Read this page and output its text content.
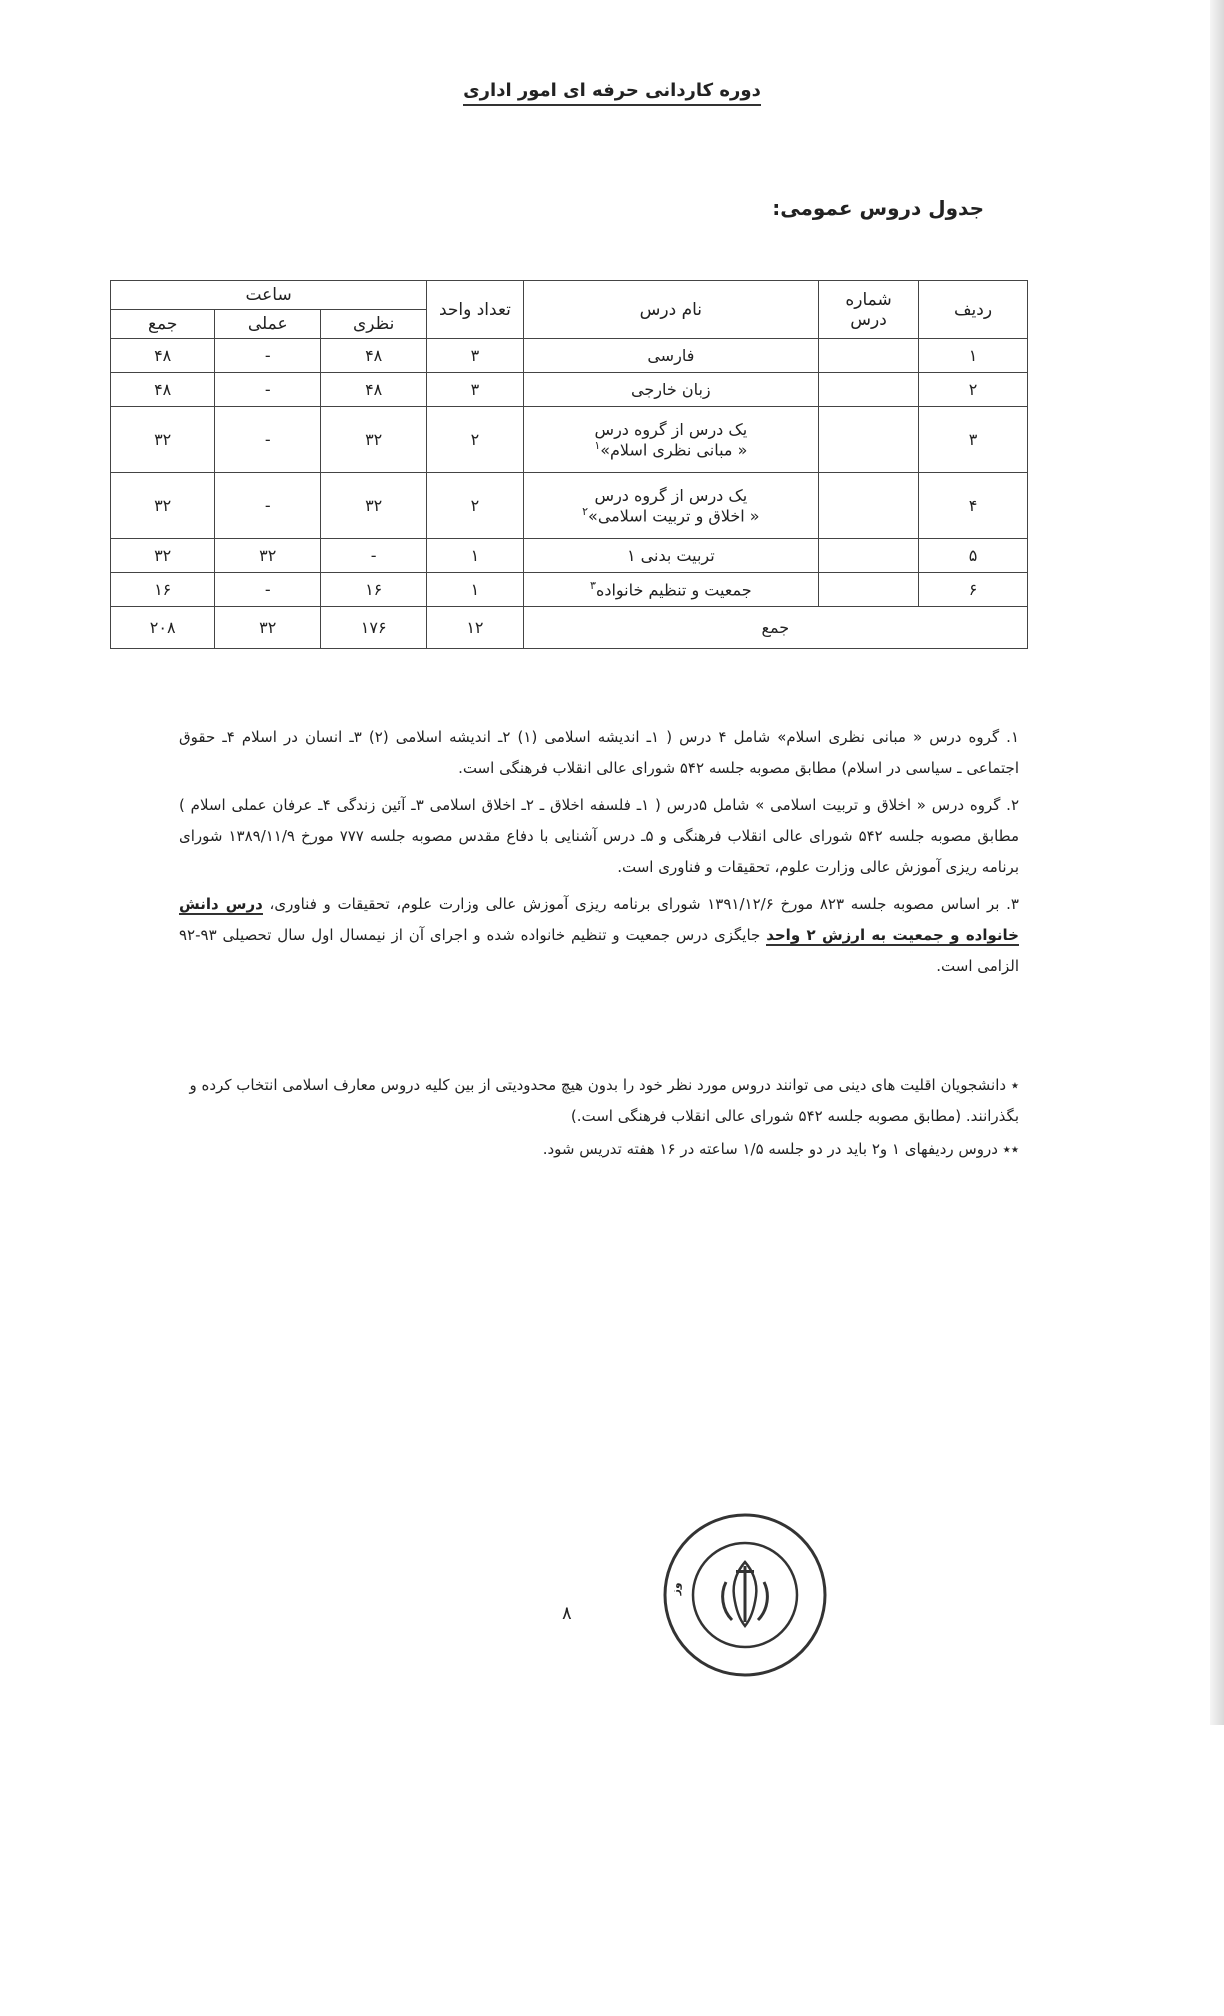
دوره کاردانی حرفه ای امور اداری
جدول دروس عمومی:
ردیف	شماره درس	نام درس	تعداد واحد	ساعت		
				نظری	عملی	جمع
۱		فارسی	۳	۴۸	-	۴۸
۲		زبان خارجی	۳	۴۸	-	۴۸
۳		یک درس از گروه درس
« مبانی نظری اسلام»$^۱$	۲	۳۲	-	۳۲
۴		یک درس از گروه درس
« اخلاق و تربیت اسلامی»$^۲$	۲	۳۲	-	۳۲
۵		تربیت بدنی ۱	۱	-	۳۲	۳۲
۶		جمعیت و تنظیم خانواده$^۳$	۱	۱۶	-	۱۶
جمع			۱۲	۱۷۶	۳۲	۲۰۸

۱. گروه درس « مبانی نظری اسلام» شامل ۴ درس ( ۱ـ اندیشه اسلامی (۱) ۲ـ اندیشه اسلامی (۲) ۳ـ انسان در اسلام ۴ـ حقوق اجتماعی ـ سیاسی در اسلام) مطابق مصوبه جلسه ۵۴۲ شورای عالی انقلاب فرهنگی است.

۲. گروه درس « اخلاق و تربیت اسلامی » شامل ۵درس ( ۱ـ فلسفه اخلاق ـ ۲ـ اخلاق اسلامی ۳ـ آئین زندگی ۴ـ عرفان عملی اسلام ) مطابق مصوبه جلسه ۵۴۲ شورای عالی انقلاب فرهنگی و ۵ـ درس آشنایی با دفاع مقدس مصوبه جلسه ۷۷۷ مورخ ۱۳۸۹/۱۱/۹ شورای برنامه ریزی آموزش عالی وزارت علوم، تحقیقات و فناوری است.

۳. بر اساس مصوبه جلسه ۸۲۳ مورخ ۱۳۹۱/۱۲/۶ شورای برنامه ریزی آموزش عالی وزارت علوم، تحقیقات و فناوری، درس دانش خانواده و جمعیت به ارزش ۲ واحد جایگزی درس جمعیت و تنظیم خانواده شده و اجرای آن از نیمسال اول سال تحصیلی ۹۳-۹۲ الزامی است.

٭ دانشجویان اقلیت های دینی می توانند دروس مورد نظر خود را بدون هیچ محدودیتی از بین کلیه دروس معارف اسلامی انتخاب کرده و بگذرانند. (مطابق مصوبه جلسه ۵۴۲ شورای عالی انقلاب فرهنگی است.)

٭٭ دروس ردیفهای ۱ و۲ باید در دو جلسه ۱/۵ ساعته در ۱۶ هفته تدریس شود.

وز
۸
